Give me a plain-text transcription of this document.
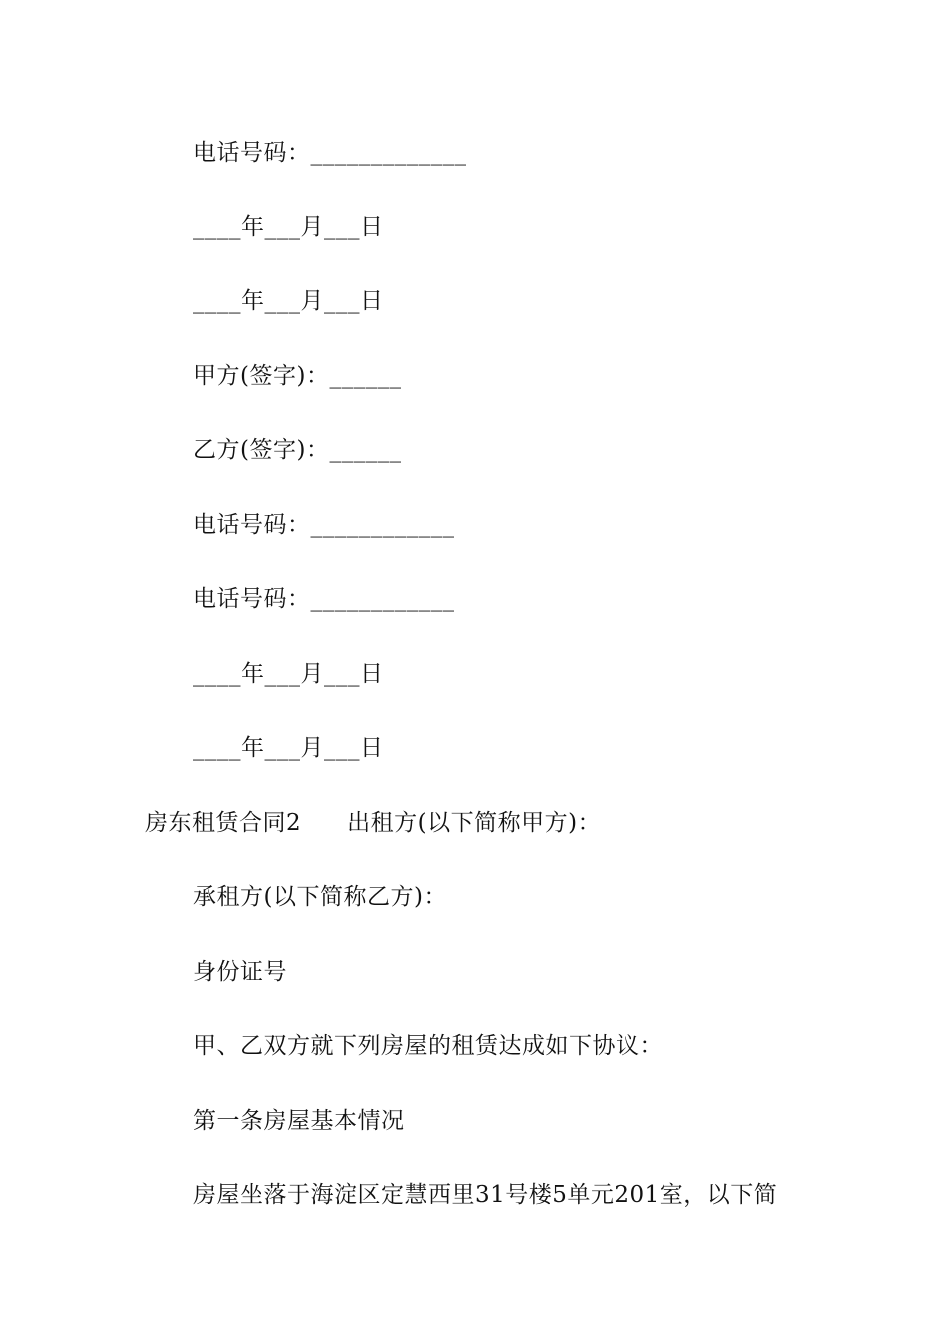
电话号码：_____________
____年___月___日
____年___月___日
甲方(签字)：______
乙方(签字)：______
电话号码：____________
电话号码：____________
____年___月___日
____年___月___日
房东租赁合同2 出租方(以下简称甲方)：
承租方(以下简称乙方)：
身份证号
甲、乙双方就下列房屋的租赁达成如下协议：
第一条房屋基本情况
房屋坐落于海淀区定慧西里31号楼5单元201室，以下简
